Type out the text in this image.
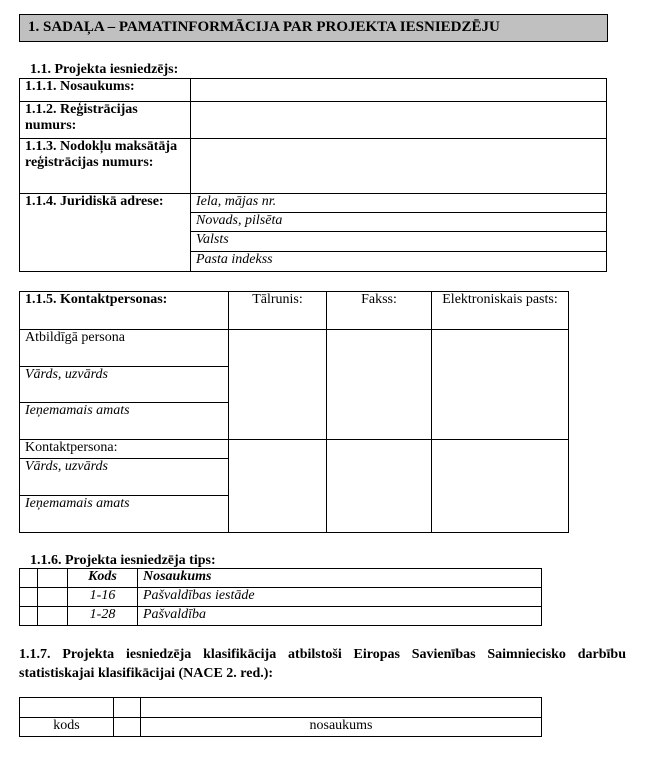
1. SADAĻA – PAMATINFORMĀCIJA PAR PROJEKTA IESNIEDZĒJU
1.1. Projekta iesniedzējs:
1.1.1. Nosaukums:	
1.1.2. Reģistrācijas numurs:	
1.1.3. Nodokļu maksātāja reģistrācijas numurs:	
1.1.4. Juridiskā adrese:	Iela, mājas nr.
	Novads, pilsēta
	Valsts
	Pasta indekss
1.1.5. Kontaktpersonas:	Tālrunis:	Fakss:	Elektroniskais pasts:
Atbildīgā persona			
Vārds, uzvārds			
Ieņemamais amats			
Kontaktpersona:			
Vārds, uzvārds			
Ieņemamais amats			
1.1.6. Projekta iesniedzēja tips:
		Kods	Nosaukums
		1-16	Pašvaldības iestāde
		1-28	Pašvaldība
1.1.7. Projekta iesniedzēja klasifikācija atbilstoši Eiropas Savienības Saimniecisko darbību statistiskajai klasifikācijai (NACE 2. red.):

kods		nosaukums
